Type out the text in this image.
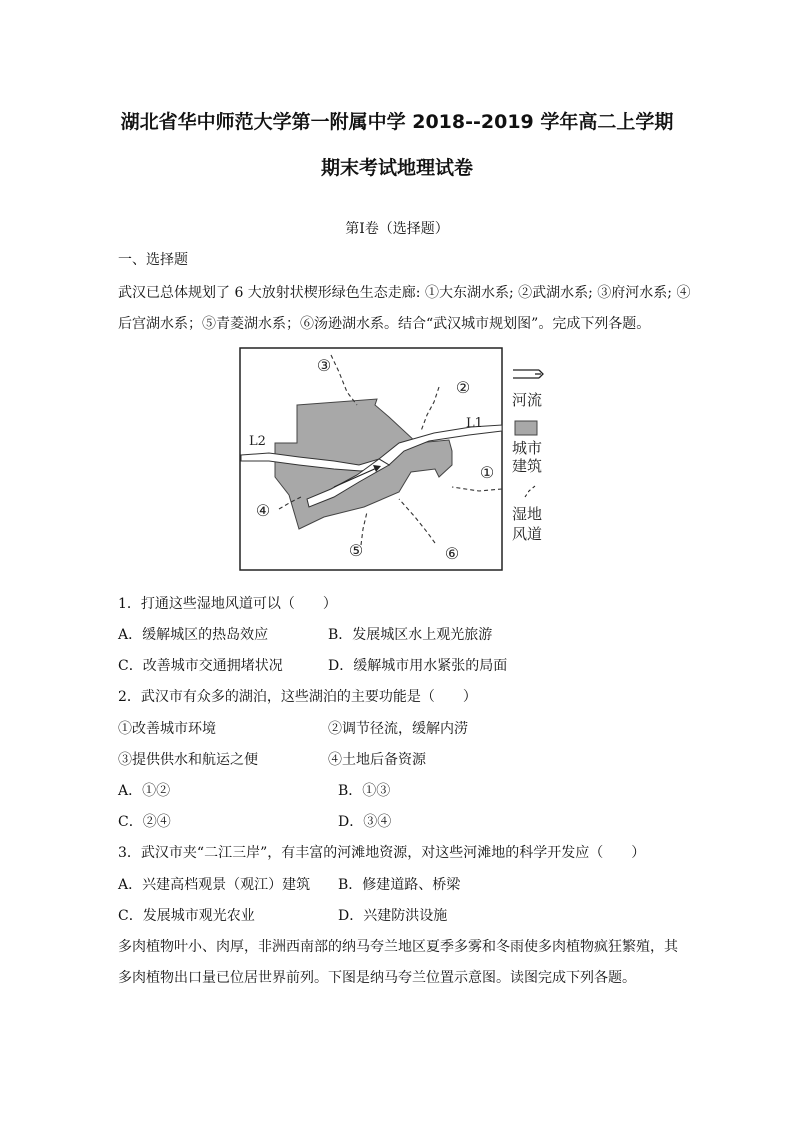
湖北省华中师范大学第一附属中学 2018--2019 学年高二上学期
期末考试地理试卷
第Ⅰ卷（选择题）
一、选择题
武汉已总体规划了 6 大放射状楔形绿色生态走廊: ①大东湖水系; ②武湖水系; ③府河水系; ④
后宫湖水系；⑤青菱湖水系；⑥汤逊湖水系。结合“武汉城市规划图”。完成下列各题。
③
②
①
④
⑤	⑥
L1
L2
河流
城市
建筑
湿地
风道
1．打通这些湿地风道可以（　　）
A．缓解城区的热岛效应	B．发展城区水上观光旅游
C．改善城市交通拥堵状况	D．缓解城市用水紧张的局面
2．武汉市有众多的湖泊，这些湖泊的主要功能是（　　）
①改善城市环境	②调节径流，缓解内涝
③提供供水和航运之便	④土地后备资源
A．①②	B．①③
C．②④	D．③④
3．武汉市夹“二江三岸”，有丰富的河滩地资源，对这些河滩地的科学开发应（　　）
A．兴建高档观景（观江）建筑 B．修建道路、桥梁
C．发展城市观光农业	D．兴建防洪设施
多肉植物叶小、肉厚，非洲西南部的纳马夸兰地区夏季多雾和冬雨使多肉植物疯狂繁殖，其
多肉植物出口量已位居世界前列。下图是纳马夸兰位置示意图。读图完成下列各题。
